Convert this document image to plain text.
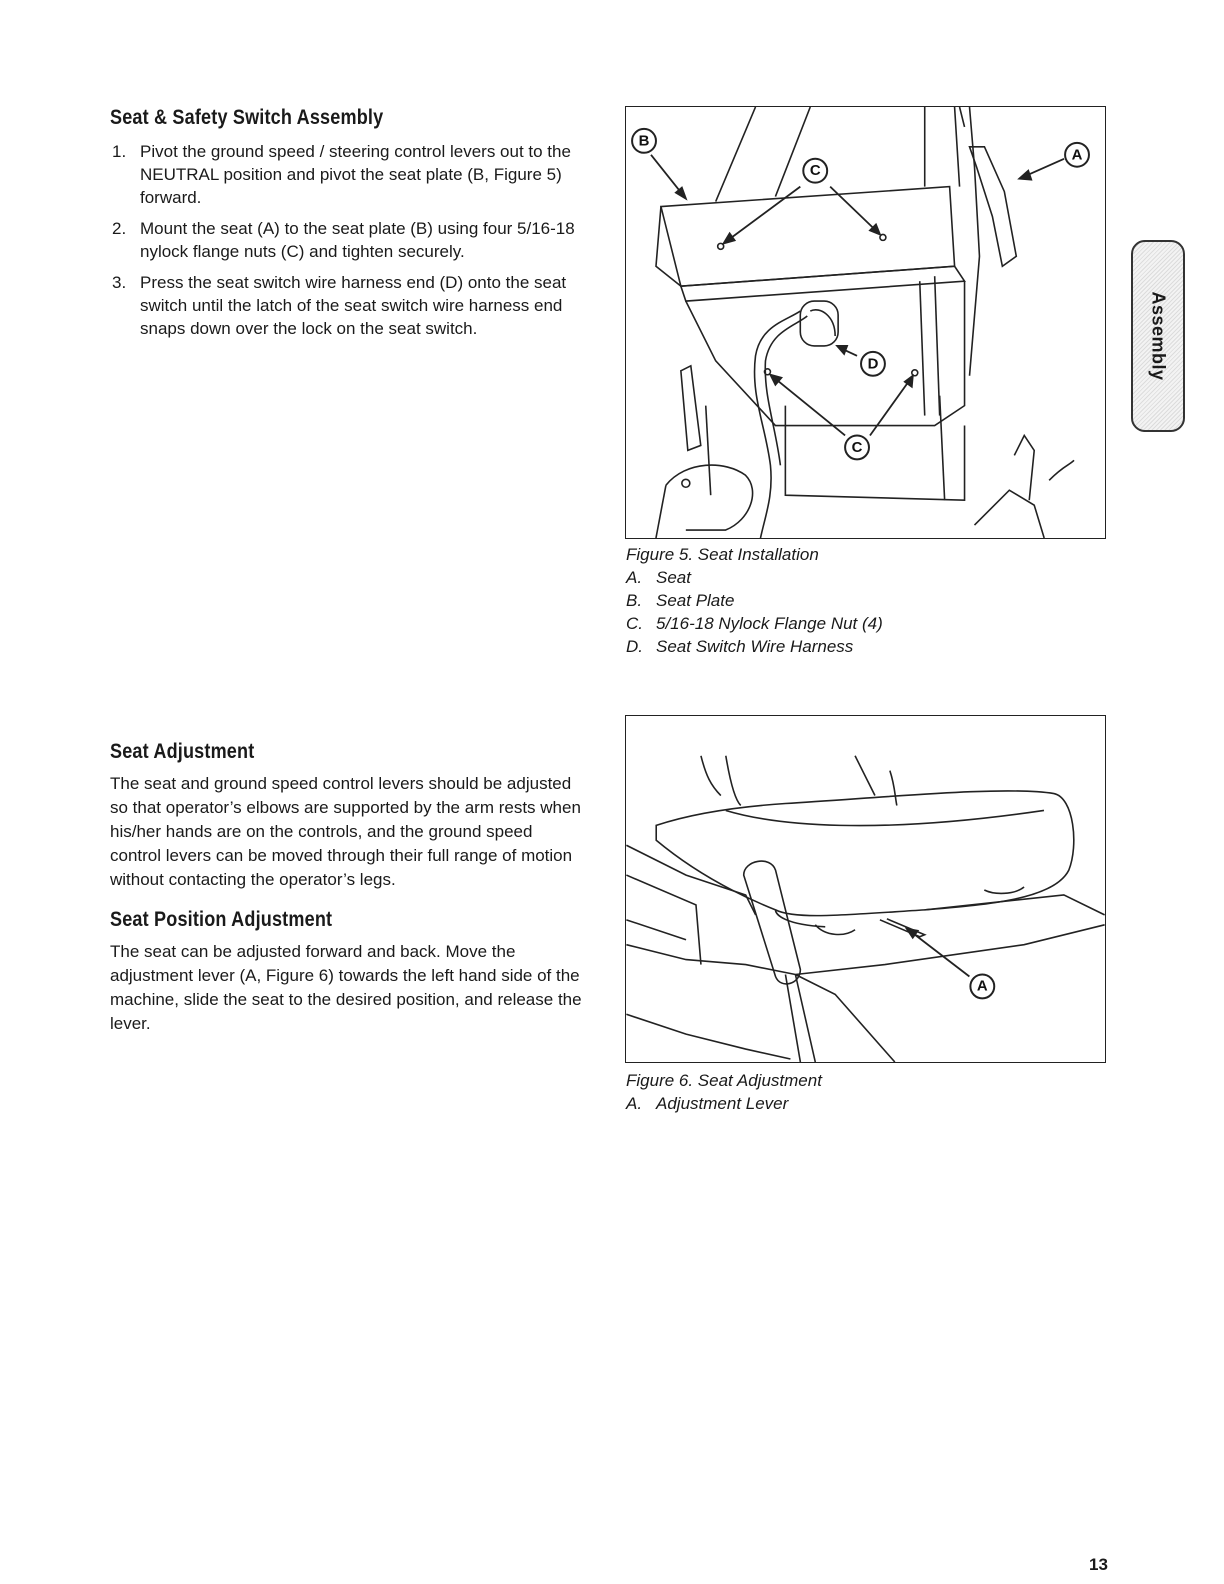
Seat & Safety Switch Assembly
1. Pivot the ground speed / steering control levers out to the NEUTRAL position and pivot the seat plate (B, Figure 5) forward.
2. Mount the seat (A) to the seat plate (B) using four 5/16-18 nylock flange nuts (C) and tighten securely.
3. Press the seat switch wire harness end (D) onto the seat switch until the latch of the seat switch wire harness end snaps down over the lock on the seat switch.
B
A
C
D
C
Figure 5. Seat Installation
A. Seat
B. Seat Plate
C. 5/16-18 Nylock Flange Nut (4)
D. Seat Switch Wire Harness
Seat Adjustment

The seat and ground speed control levers should be adjusted so that operator’s elbows are supported by the arm rests when his/her hands are on the controls, and the ground speed control levers can be moved through their full range of motion without contacting the operator’s legs.

Seat Position Adjustment

The seat can be adjusted forward and back. Move the adjustment lever (A, Figure 6) towards the left hand side of the machine, slide the seat to the desired position, and release the lever.

A
Figure 6. Seat Adjustment
A. Adjustment Lever
Assembly
13
